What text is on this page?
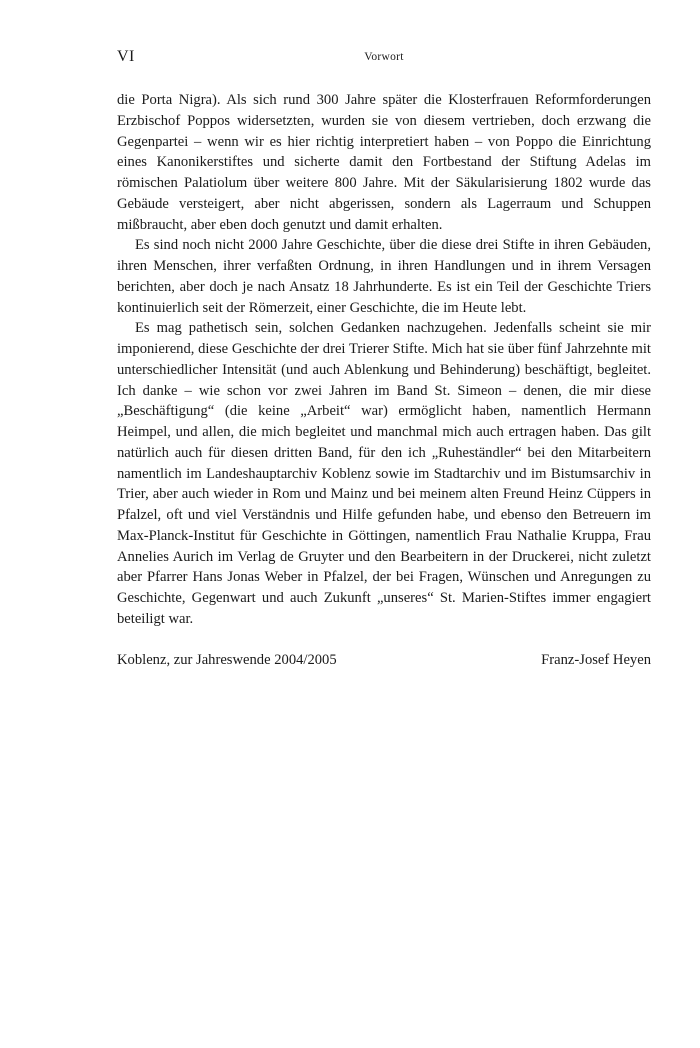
VI	Vorwort

die Porta Nigra). Als sich rund 300 Jahre später die Klosterfrauen Reformforderungen Erzbischof Poppos widersetzten, wurden sie von diesem vertrieben, doch erzwang die Gegenpartei – wenn wir es hier richtig interpretiert haben – von Poppo die Einrichtung eines Kanonikerstiftes und sicherte damit den Fortbestand der Stiftung Adelas im römischen Palatiolum über weitere 800 Jahre. Mit der Säkularisierung 1802 wurde das Gebäude versteigert, aber nicht abgerissen, sondern als Lagerraum und Schuppen mißbraucht, aber eben doch genutzt und damit erhalten.

Es sind noch nicht 2000 Jahre Geschichte, über die diese drei Stifte in ihren Gebäuden, ihren Menschen, ihrer verfaßten Ordnung, in ihren Handlungen und in ihrem Versagen berichten, aber doch je nach Ansatz 18 Jahrhunderte. Es ist ein Teil der Geschichte Triers kontinuierlich seit der Römerzeit, einer Geschichte, die im Heute lebt.

Es mag pathetisch sein, solchen Gedanken nachzugehen. Jedenfalls scheint sie mir imponierend, diese Geschichte der drei Trierer Stifte. Mich hat sie über fünf Jahrzehnte mit unterschiedlicher Intensität (und auch Ablenkung und Behinderung) beschäftigt, begleitet. Ich danke – wie schon vor zwei Jahren im Band St. Simeon – denen, die mir diese „Beschäftigung“ (die keine „Arbeit“ war) ermöglicht haben, namentlich Hermann Heimpel, und allen, die mich begleitet und manchmal mich auch ertragen haben. Das gilt natürlich auch für diesen dritten Band, für den ich „Ruheständler“ bei den Mitarbeitern namentlich im Landeshauptarchiv Koblenz sowie im Stadtarchiv und im Bistumsarchiv in Trier, aber auch wieder in Rom und Mainz und bei meinem alten Freund Heinz Cüppers in Pfalzel, oft und viel Verständnis und Hilfe gefunden habe, und ebenso den Betreuern im Max-Planck-Institut für Geschichte in Göttingen, namentlich Frau Nathalie Kruppa, Frau Annelies Aurich im Verlag de Gruyter und den Bearbeitern in der Druckerei, nicht zuletzt aber Pfarrer Hans Jonas Weber in Pfalzel, der bei Fragen, Wünschen und Anregungen zu Geschichte, Gegenwart und auch Zukunft „unseres“ St. Marien-Stiftes immer engagiert beteiligt war.

Koblenz, zur Jahreswende 2004/2005	Franz-Josef Heyen
